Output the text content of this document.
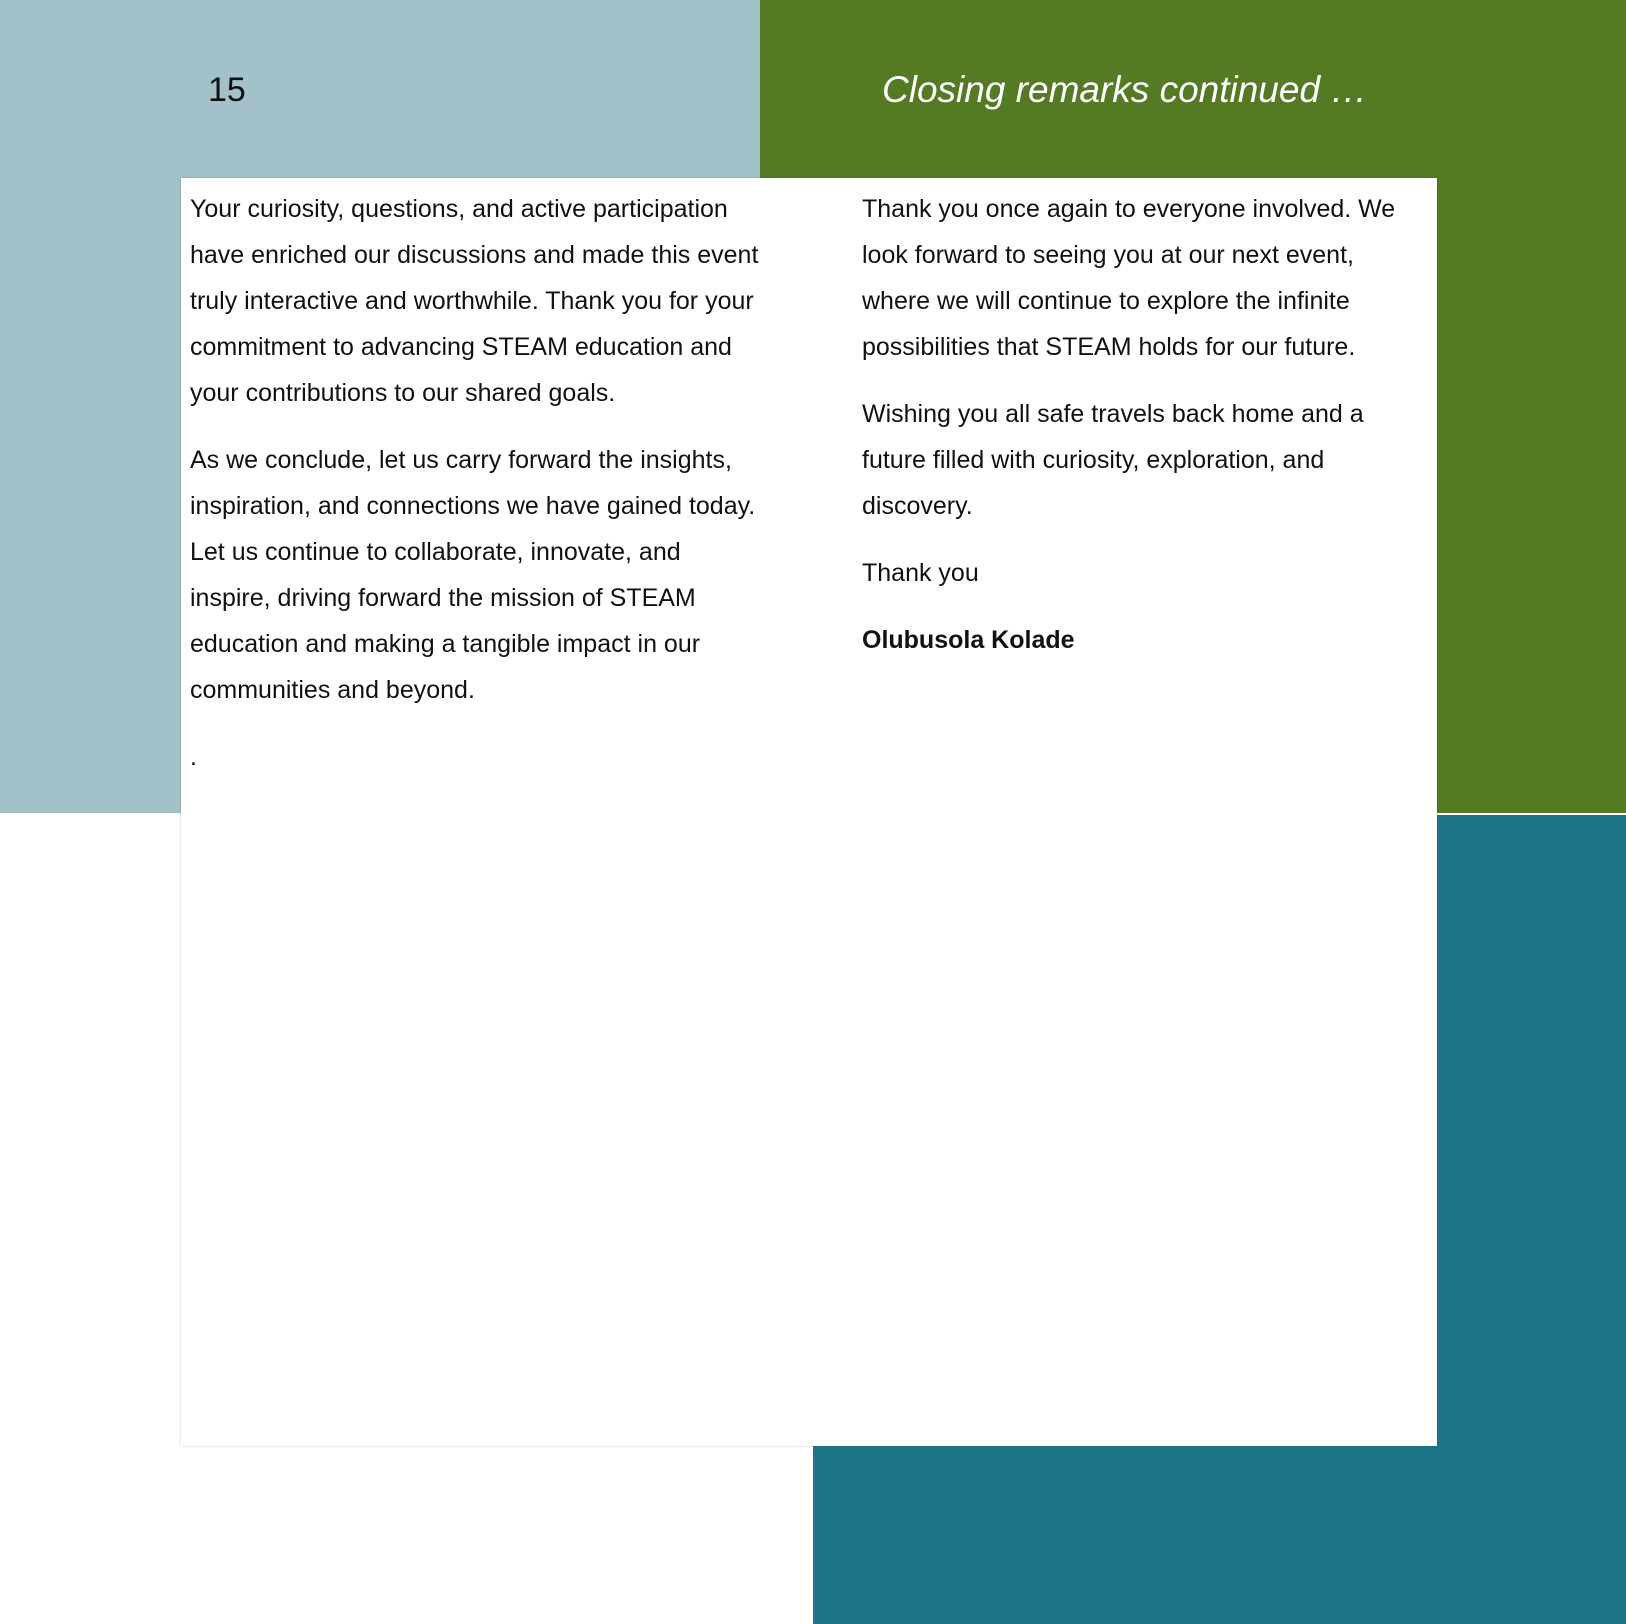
15	Closing remarks continued …

Your curiosity, questions, and active participation have enriched our discussions and made this event truly interactive and worthwhile. Thank you for your commitment to advancing STEAM education and your contributions to our shared goals.

As we conclude, let us carry forward the insights, inspiration, and connections we have gained today. Let us continue to collaborate, innovate, and inspire, driving forward the mission of STEAM education and making a tangible impact in our communities and beyond.

.

Thank you once again to everyone involved. We look forward to seeing you at our next event, where we will continue to explore the infinite possibilities that STEAM holds for our future.

Wishing you all safe travels back home and a future filled with curiosity, exploration, and discovery.

Thank you

Olubusola Kolade
